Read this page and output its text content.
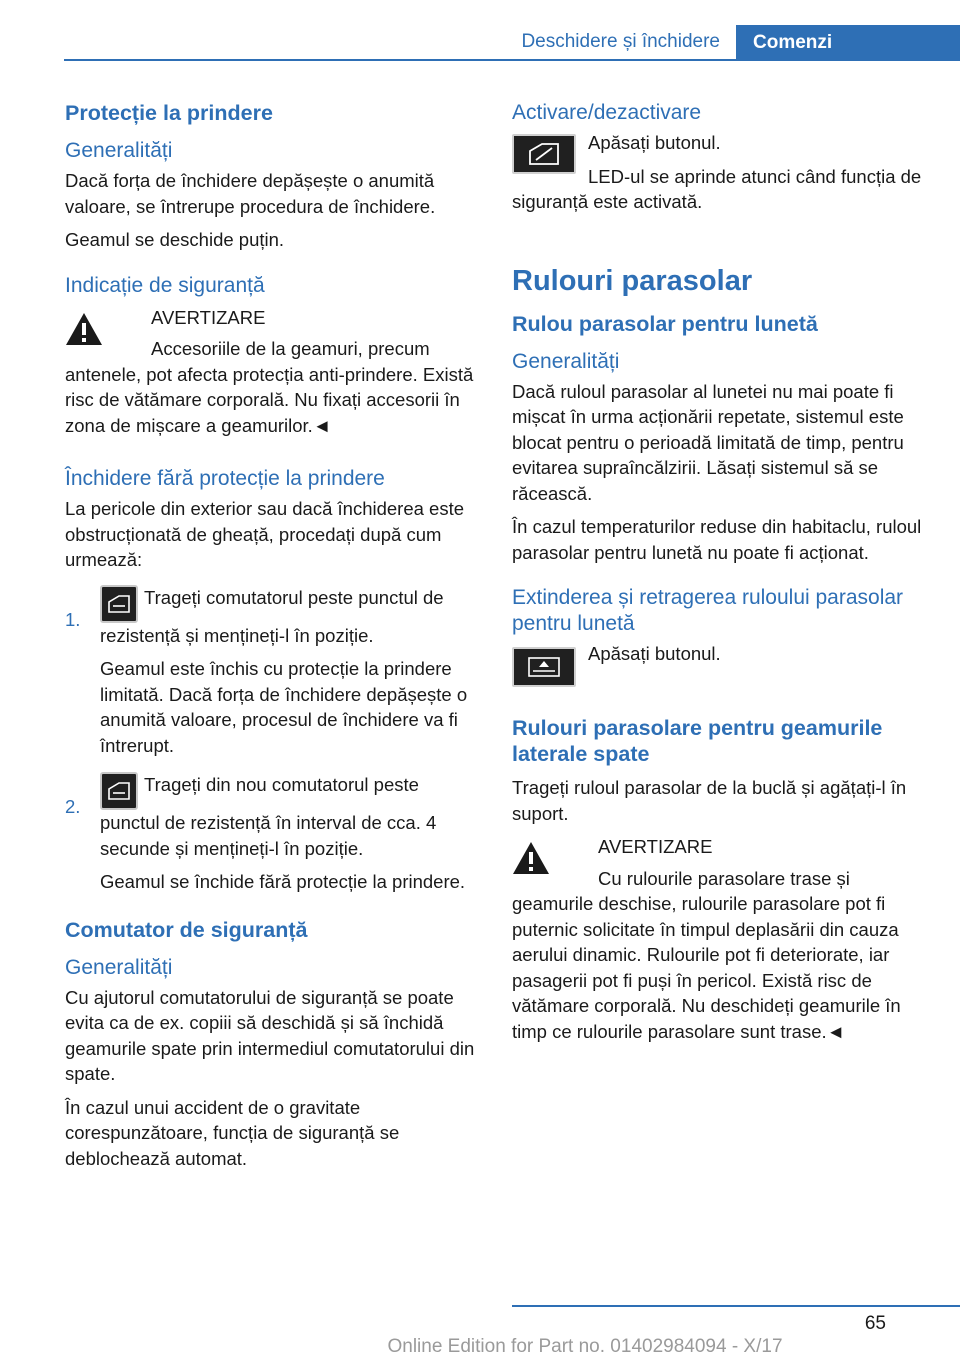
Deschidere și închidere	Comenzi
Protecție la prindere
Generalități

Dacă forța de închidere depășește o anumită valoare, se întrerupe procedura de închidere.

Geamul se deschide puțin.

Indicație de siguranță
AVERTIZARE

Accesoriile de la geamuri, precum antenele, pot afecta protecția anti-prindere. Există risc de vătămare corporală. Nu fixați accesorii în zona de mișcare a geamurilor.◄

Închidere fără protecție la prindere

La pericole din exterior sau dacă închiderea este obstrucționată de gheață, procedați după cum urmează:

1.

Trageți comutatorul peste punctul de rezistență și mențineți-l în poziție.

Geamul este închis cu protecție la prindere limitată. Dacă forța de închidere depășește o anumită valoare, procesul de închidere va fi întrerupt.

2.

Trageți din nou comutatorul peste punctul de rezistență în interval de cca. 4 secunde și mențineți-l în poziție.

Geamul se închide fără protecție la prindere.

Comutator de siguranță
Generalități

Cu ajutorul comutatorului de siguranță se poate evita ca de ex. copiii să deschidă și să închidă geamurile spate prin intermediul comutatorului din spate.

În cazul unui accident de o gravitate corespunzătoare, funcția de siguranță se deblochează automat.

Activare/dezactivare

Apăsați butonul.

LED-ul se aprinde atunci când funcția de siguranță este activată.

Rulouri parasolar
Rulou parasolar pentru lunetă
Generalități

Dacă ruloul parasolar al lunetei nu mai poate fi mișcat în urma acționării repetate, sistemul este blocat pentru o perioadă limitată de timp, pentru evitarea supraîncălzirii. Lăsați sistemul să se răcească.

În cazul temperaturilor reduse din habitaclu, ruloul parasolar pentru lunetă nu poate fi acționat.

Extinderea și retragerea ruloului parasolar pentru lunetă

Apăsați butonul.

Rulouri parasolare pentru geamurile laterale spate

Trageți ruloul parasolar de la buclă și agățați-l în suport.

AVERTIZARE

Cu rulourile parasolare trase și geamurile deschise, rulourile parasolare pot fi puternic solicitate în timpul deplasării din cauza aerului dinamic. Rulourile pot fi deteriorate, iar pasagerii pot fi puși în pericol. Există risc de vătămare corporală. Nu deschideți geamurile în timp ce rulourile parasolare sunt trase.◄

65
Online Edition for Part no. 01402984094 - X/17
